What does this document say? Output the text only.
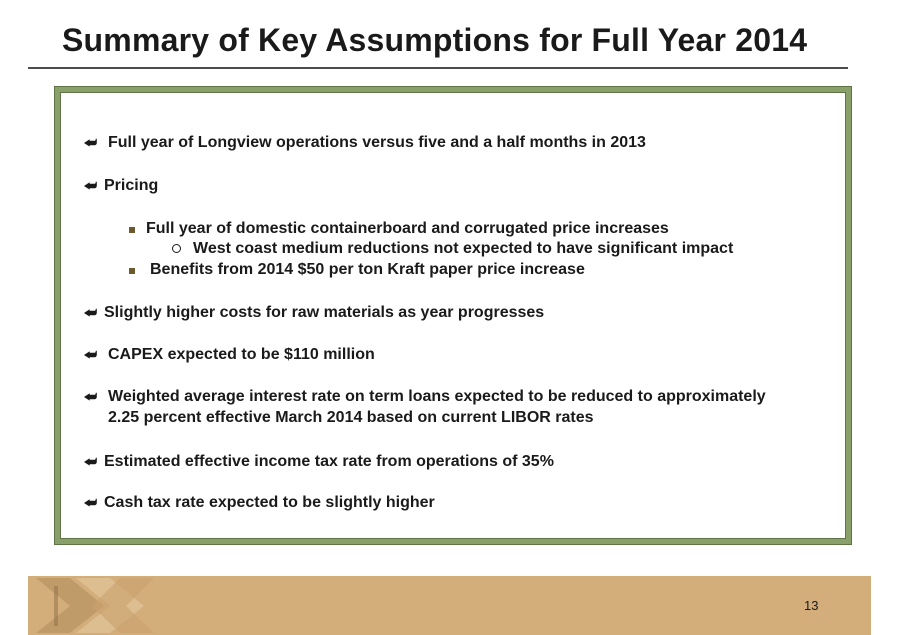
Summary of Key Assumptions for Full Year 2014
⮨ Full year of Longview operations versus five and a half months in 2013
⮨ Pricing
Full year of domestic containerboard and corrugated price increases
West coast medium reductions not expected to have significant impact
Benefits from 2014 $50 per ton Kraft paper price increase
⮨ Slightly higher costs for raw materials as year progresses
⮨ CAPEX expected to be $110 million
⮨ Weighted average interest rate on term loans expected to be reduced to approximately
2.25 percent effective March 2014 based on current LIBOR rates
⮨ Estimated effective income tax rate from operations of 35%
⮨ Cash tax rate expected to be slightly higher
13
